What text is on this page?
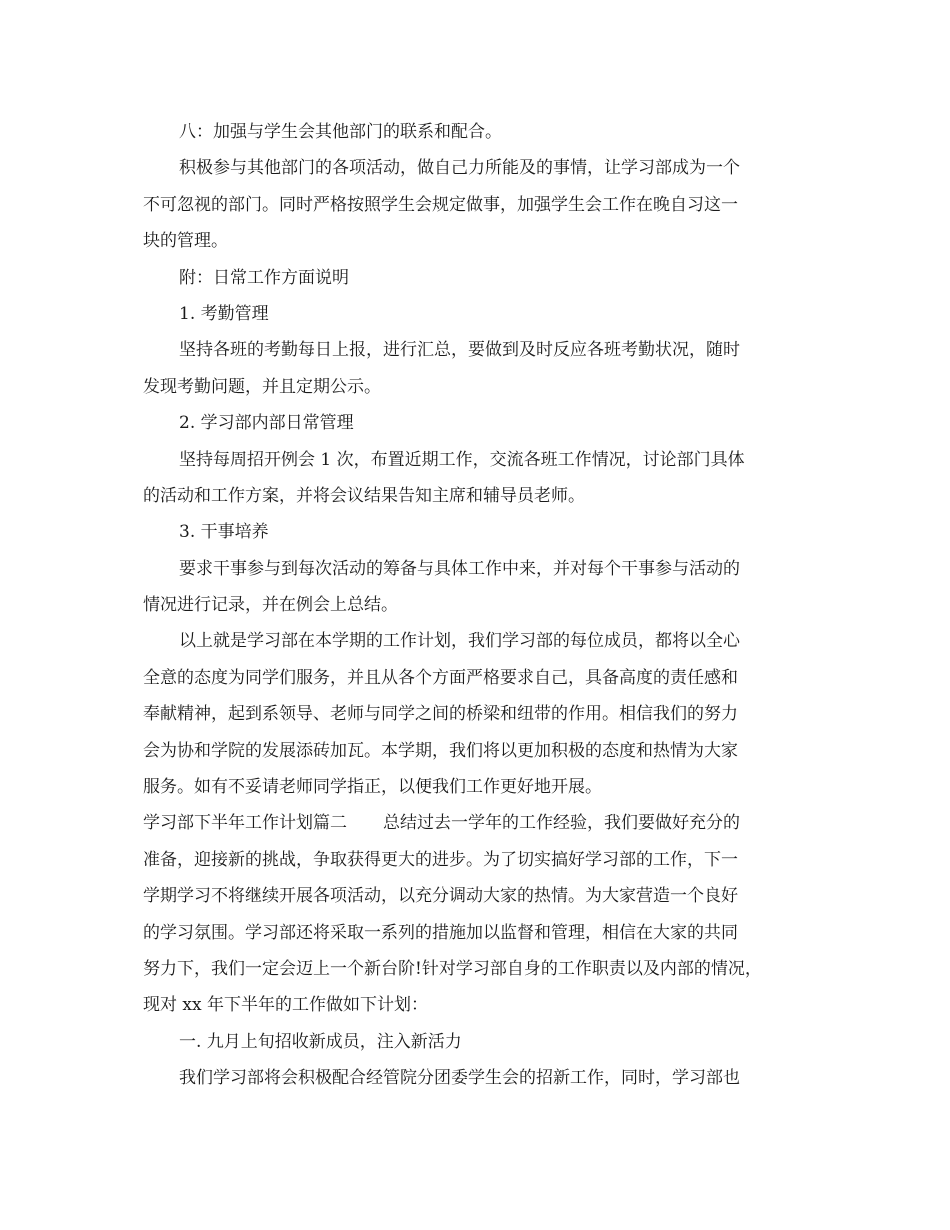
八：加强与学生会其他部门的联系和配合。
积极参与其他部门的各项活动，做自己力所能及的事情，让学习部成为一个
不可忽视的部门。同时严格按照学生会规定做事，加强学生会工作在晚自习这一
块的管理。
附：日常工作方面说明
1. 考勤管理
坚持各班的考勤每日上报，进行汇总，要做到及时反应各班考勤状况，随时
发现考勤问题，并且定期公示。
2. 学习部内部日常管理
坚持每周招开例会 1 次，布置近期工作，交流各班工作情况，讨论部门具体
的活动和工作方案，并将会议结果告知主席和辅导员老师。
3. 干事培养
要求干事参与到每次活动的筹备与具体工作中来，并对每个干事参与活动的
情况进行记录，并在例会上总结。
以上就是学习部在本学期的工作计划，我们学习部的每位成员，都将以全心
全意的态度为同学们服务，并且从各个方面严格要求自己，具备高度的责任感和
奉献精神，起到系领导、老师与同学之间的桥梁和纽带的作用。相信我们的努力
会为协和学院的发展添砖加瓦。本学期，我们将以更加积极的态度和热情为大家
服务。如有不妥请老师同学指正，以便我们工作更好地开展。
学习部下半年工作计划篇二 总结过去一学年的工作经验，我们要做好充分的
准备，迎接新的挑战，争取获得更大的进步。为了切实搞好学习部的工作，下一
学期学习不将继续开展各项活动，以充分调动大家的热情。为大家营造一个良好
的学习氛围。学习部还将采取一系列的措施加以监督和管理，相信在大家的共同
努力下，我们一定会迈上一个新台阶!针对学习部自身的工作职责以及内部的情况，
现对 xx 年下半年的工作做如下计划：
一. 九月上旬招收新成员，注入新活力
我们学习部将会积极配合经管院分团委学生会的招新工作，同时，学习部也
